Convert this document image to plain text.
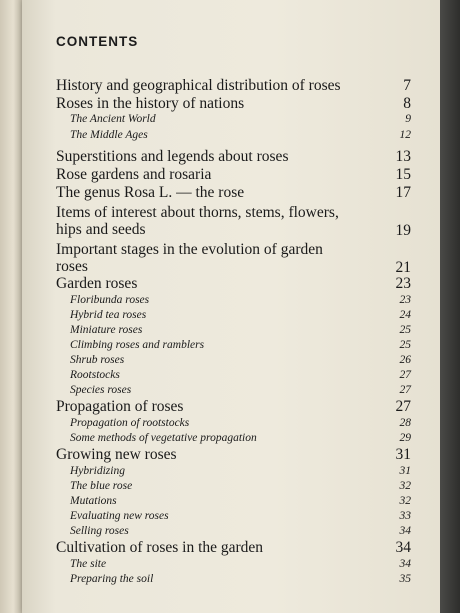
CONTENTS
History and geographical distribution of roses	7
Roses in the history of nations	8
The Ancient World	9
The Middle Ages	12
Superstitions and legends about roses	13
Rose gardens and rosaria	15
The genus Rosa L. — the rose	17
Items of interest about thorns, stems, flowers, hips and seeds	19
Important stages in the evolution of garden roses	21
Garden roses	23
Floribunda roses	23
Hybrid tea roses	24
Miniature roses	25
Climbing roses and ramblers	25
Shrub roses	26
Rootstocks	27
Species roses	27
Propagation of roses	27
Propagation of rootstocks	28
Some methods of vegetative propagation	29
Growing new roses	31
Hybridizing	31
The blue rose	32
Mutations	32
Evaluating new roses	33
Selling roses	34
Cultivation of roses in the garden	34
The site	34
Preparing the soil	35
